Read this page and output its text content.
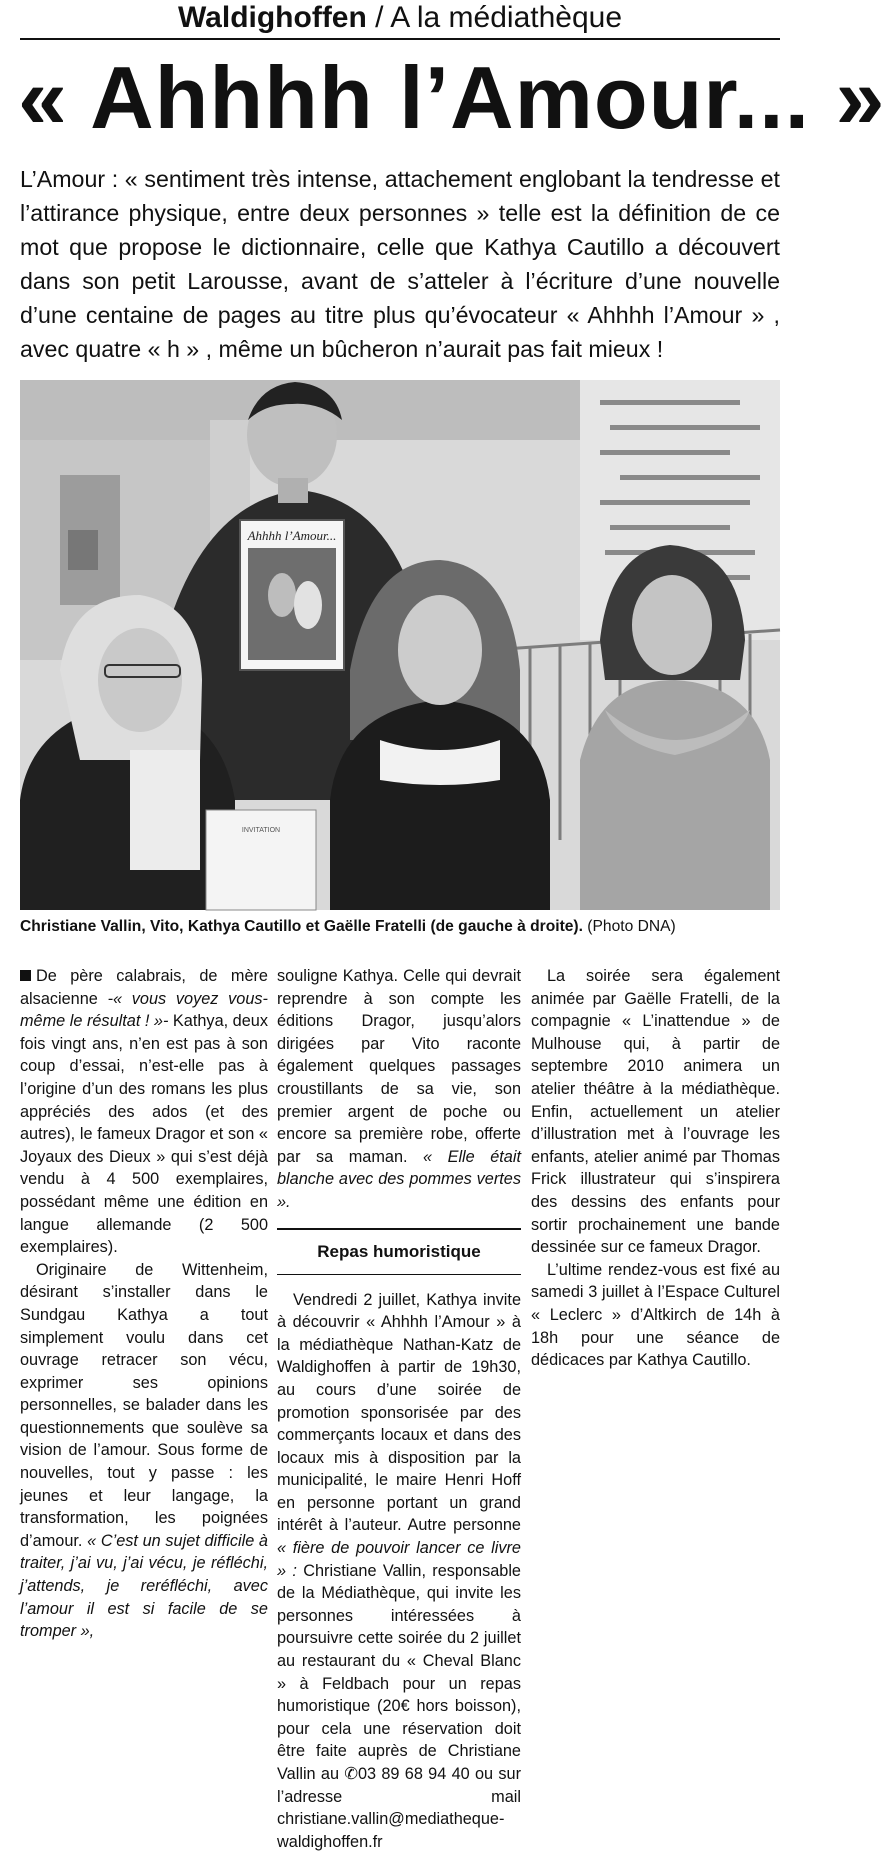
Waldighoffen / A la médiathèque
« Ahhhh l’Amour... »

L’Amour : « sentiment très intense, attachement englobant la tendresse et l’attirance physique, entre deux personnes » telle est la définition de ce mot que propose le dictionnaire, celle que Kathya Cautillo a découvert dans son petit Larousse, avant de s’atteler à l’écriture d’une nouvelle d’une centaine de pages au titre plus qu’évocateur « Ahhhh l’Amour » , avec quatre « h » , même un bûcheron n’aurait pas fait mieux !

Ahhhh l’Amour...
INVITATION

Christiane Vallin, Vito, Kathya Cautillo et Gaëlle Fratelli (de gauche à droite). (Photo DNA)

De père calabrais, de mère alsacienne -« vous voyez vous-même le résultat ! »- Kathya, deux fois vingt ans, n’en est pas à son coup d’essai, n’est-elle pas à l’origine d’un des romans les plus appréciés des ados (et des autres), le fameux Dragor et son « Joyaux des Dieux » qui s’est déjà vendu à 4 500 exemplaires, possédant même une édition en langue allemande (2 500 exemplaires).

Originaire de Wittenheim, désirant s’installer dans le Sundgau Kathya a tout simplement voulu dans cet ouvrage retracer son vécu, exprimer ses opinions personnelles, se balader dans les questionnements que soulève sa vision de l’amour. Sous forme de nouvelles, tout y passe : les jeunes et leur langage, la transformation, les poignées d’amour. « C’est un sujet difficile à traiter, j’ai vu, j’ai vécu, je réfléchi, j’attends, je reréfléchi, avec l’amour il est si facile de se tromper »,

souligne Kathya. Celle qui devrait reprendre à son compte les éditions Dragor, jusqu’alors dirigées par Vito raconte également quelques passages croustillants de sa vie, son premier argent de poche ou encore sa première robe, offerte par sa maman. « Elle était blanche avec des pommes vertes ».

Repas humoristique

Vendredi 2 juillet, Kathya invite à découvrir « Ahhhh l’Amour » à la médiathèque Nathan-Katz de Waldighoffen à partir de 19h30, au cours d’une soirée de promotion sponsorisée par des commerçants locaux et dans des locaux mis à disposition par la municipalité, le maire Henri Hoff en personne portant un grand intérêt à l’auteur. Autre personne « fière de pouvoir lancer ce livre » : Christiane Vallin, responsable de la Médiathèque, qui invite les personnes intéressées à poursuivre cette soirée du 2 juillet au restaurant du « Cheval Blanc » à Feldbach pour un repas humoristique (20€ hors boisson), pour cela une réservation doit être faite auprès de Christiane Vallin au ✆03 89 68 94 40 ou sur l’adresse mail christiane.vallin@mediatheque-waldighoffen.fr

La soirée sera également animée par Gaëlle Fratelli, de la compagnie « L’inattendue » de Mulhouse qui, à partir de septembre 2010 animera un atelier théâtre à la médiathèque. Enfin, actuellement un atelier d’illustration met à l’ouvrage les enfants, atelier animé par Thomas Frick illustrateur qui s’inspirera des dessins des enfants pour sortir prochainement une bande dessinée sur ce fameux Dragor.

L’ultime rendez-vous est fixé au samedi 3 juillet à l’Espace Culturel « Leclerc » d’Altkirch de 14h à 18h pour une séance de dédicaces par Kathya Cautillo.
